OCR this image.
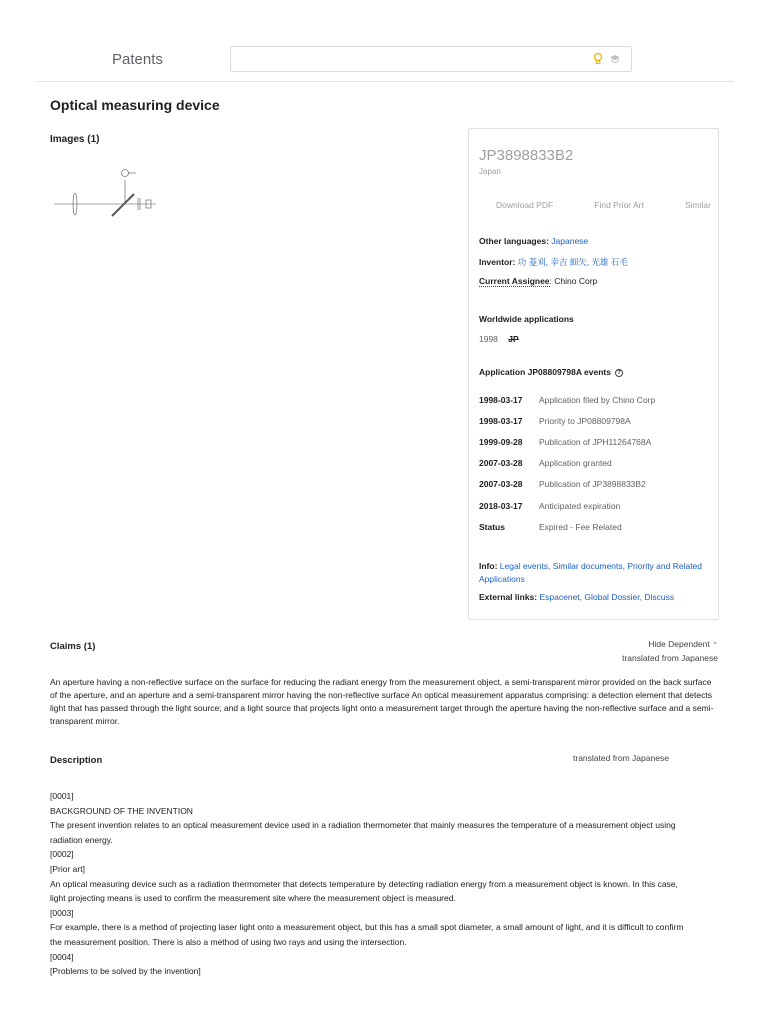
Patents
Optical measuring device
Images (1)
JP3898833B2
Japan
Download PDF	Find Prior Art	Similar
Other languages: Japanese
Inventor: 功 菱刈, 幸吉 細矢, 光雄 石毛
Current Assignee: Chino Corp
Worldwide applications
1998 JP
Application JP08809798A events ?
1998-03-17	Application filed by Chino Corp
1998-03-17	Priority to JP08809798A
1999-09-28	Publication of JPH11264768A
2007-03-28	Application granted
2007-03-28	Publication of JP3898833B2
2018-03-17	Anticipated expiration
Status	Expired - Fee Related
Info: Legal events, Similar documents, Priority and Related Applications
External links: Espacenet, Global Dossier, Discuss
Claims (1)	Hide Dependent ⌃
translated from Japanese
An aperture having a non-reflective surface on the surface for reducing the radiant energy from the measurement object, a semi-transparent mirror provided on the back surface of the aperture, and an aperture and a semi-transparent mirror having the non-reflective surface An optical measurement apparatus comprising: a detection element that detects light that has passed through the light source; and a light source that projects light onto a measurement target through the aperture having the non-reflective surface and a semi-transparent mirror.
Description	translated from Japanese
[0001]
BACKGROUND OF THE INVENTION
The present invention relates to an optical measurement device used in a radiation thermometer that mainly measures the temperature of a measurement object using radiation energy.
[0002]
[Prior art]
An optical measuring device such as a radiation thermometer that detects temperature by detecting radiation energy from a measurement object is known. In this case, light projecting means is used to confirm the measurement site where the measurement object is measured.
[0003]
For example, there is a method of projecting laser light onto a measurement object, but this has a small spot diameter, a small amount of light, and it is difficult to confirm the measurement position. There is also a method of using two rays and using the intersection.
[0004]
[Problems to be solved by the invention]
